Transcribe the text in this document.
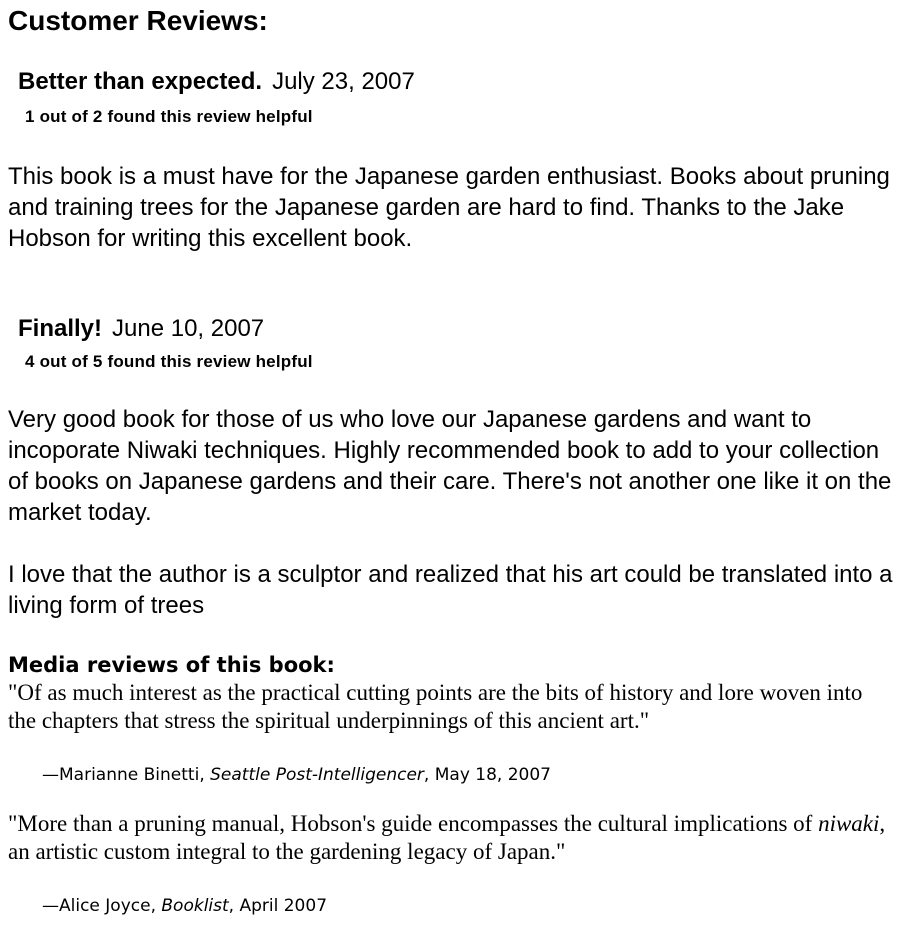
Customer Reviews:
Better than expected. July 23, 2007
1 out of 2 found this review helpful

This book is a must have for the Japanese garden enthusiast. Books about pruning and training trees for the Japanese garden are hard to find. Thanks to the Jake Hobson for writing this excellent book.

Finally! June 10, 2007
4 out of 5 found this review helpful

Very good book for those of us who love our Japanese gardens and want to incoporate Niwaki techniques. Highly recommended book to add to your collection of books on Japanese gardens and their care. There's not another one like it on the market today.

I love that the author is a sculptor and realized that his art could be translated into a living form of trees

Media reviews of this book:

"Of as much interest as the practical cutting points are the bits of history and lore woven into the chapters that stress the spiritual underpinnings of this ancient art."

—Marianne Binetti, Seattle Post-Intelligencer, May 18, 2007

"More than a pruning manual, Hobson's guide encompasses the cultural implications of niwaki, an artistic custom integral to the gardening legacy of Japan."

—Alice Joyce, Booklist, April 2007
